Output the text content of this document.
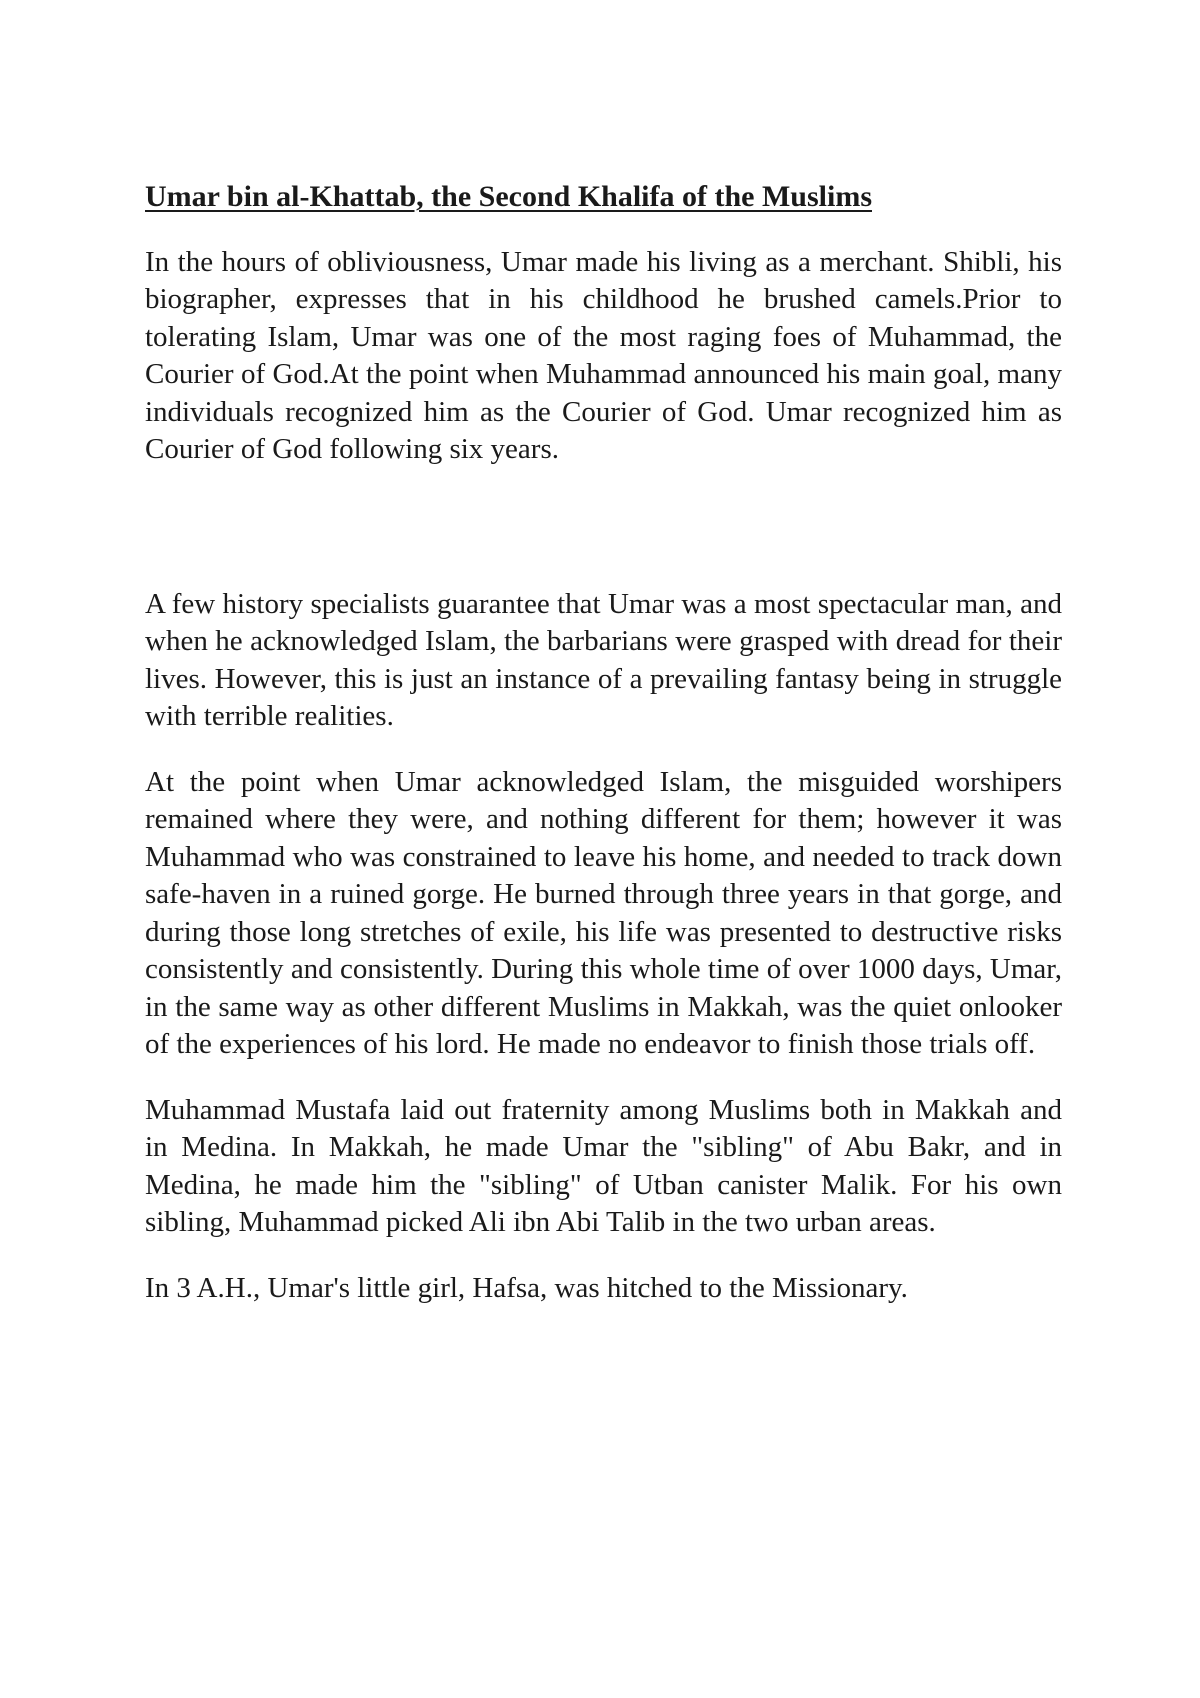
Umar bin al-Khattab, the Second Khalifa of the Muslims

In the hours of obliviousness, Umar made his living as a merchant. Shibli, his biographer, expresses that in his childhood he brushed camels.Prior to tolerating Islam, Umar was one of the most raging foes of Muhammad, the Courier of God.At the point when Muhammad announced his main goal, many individuals recognized him as the Courier of God. Umar recognized him as Courier of God following six years.

A few history specialists guarantee that Umar was a most spectacular man, and when he acknowledged Islam, the barbarians were grasped with dread for their lives. However, this is just an instance of a prevailing fantasy being in struggle with terrible realities.

At the point when Umar acknowledged Islam, the misguided worshipers remained where they were, and nothing different for them; however it was Muhammad who was constrained to leave his home, and needed to track down safe-haven in a ruined gorge. He burned through three years in that gorge, and during those long stretches of exile, his life was presented to destructive risks consistently and consistently. During this whole time of over 1000 days, Umar, in the same way as other different Muslims in Makkah, was the quiet onlooker of the experiences of his lord. He made no endeavor to finish those trials off.

Muhammad Mustafa laid out fraternity among Muslims both in Makkah and in Medina. In Makkah, he made Umar the "sibling" of Abu Bakr, and in Medina, he made him the "sibling" of Utban canister Malik. For his own sibling, Muhammad picked Ali ibn Abi Talib in the two urban areas.

In 3 A.H., Umar's little girl, Hafsa, was hitched to the Missionary.
